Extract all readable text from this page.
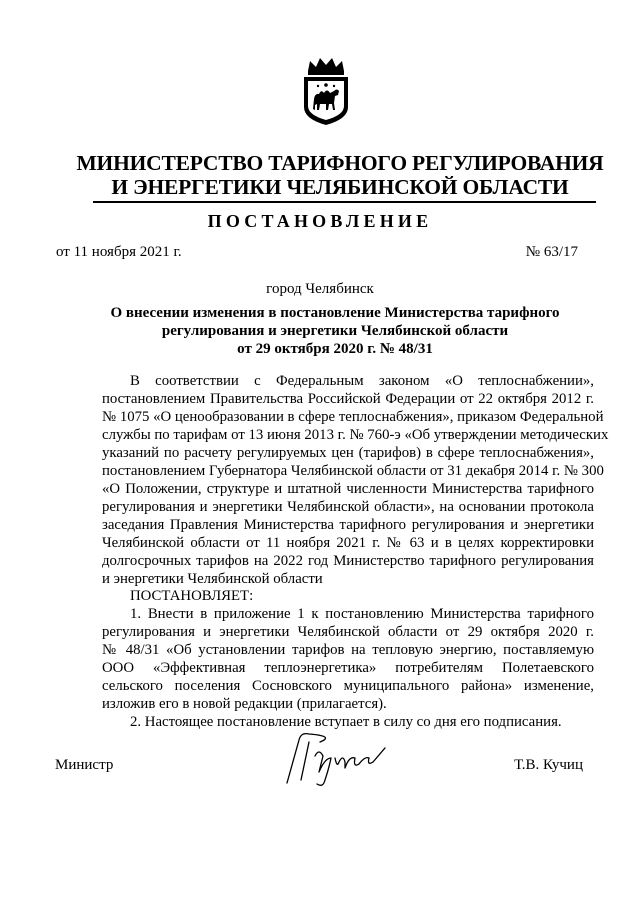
МИНИСТЕРСТВО ТАРИФНОГО РЕГУЛИРОВАНИЯ
И ЭНЕРГЕТИКИ ЧЕЛЯБИНСКОЙ ОБЛАСТИ
ПОСТАНОВЛЕНИЕ
от 11 ноября 2021 г.	№ 63/17
город Челябинск
О внесении изменения в постановление Министерства тарифного
регулирования и энергетики Челябинской области
от 29 октября 2020 г. № 48/31
В соответствии с Федеральным законом «О теплоснабжении»,
постановлением Правительства Российской Федерации от 22 октября 2012 г.
№ 1075 «О ценообразовании в сфере теплоснабжения», приказом Федеральной
службы по тарифам от 13 июня 2013 г. № 760-э «Об утверждении методических
указаний по расчету регулируемых цен (тарифов) в сфере теплоснабжения»,
постановлением Губернатора Челябинской области от 31 декабря 2014 г. № 300
«О Положении, структуре и штатной численности Министерства тарифного
регулирования и энергетики Челябинской области», на основании протокола
заседания Правления Министерства тарифного регулирования и энергетики
Челябинской области от 11 ноября 2021 г. № 63 и в целях корректировки
долгосрочных тарифов на 2022 год Министерство тарифного регулирования
и энергетики Челябинской области
ПОСТАНОВЛЯЕТ:
1. Внести в приложение 1 к постановлению Министерства тарифного
регулирования и энергетики Челябинской области от 29 октября 2020 г.
№ 48/31 «Об установлении тарифов на тепловую энергию, поставляемую
ООО «Эффективная теплоэнергетика» потребителям Полетаевского
сельского поселения Сосновского муниципального района» изменение,
изложив его в новой редакции (прилагается).
2. Настоящее постановление вступает в силу со дня его подписания.
Министр	Т.В. Кучиц
